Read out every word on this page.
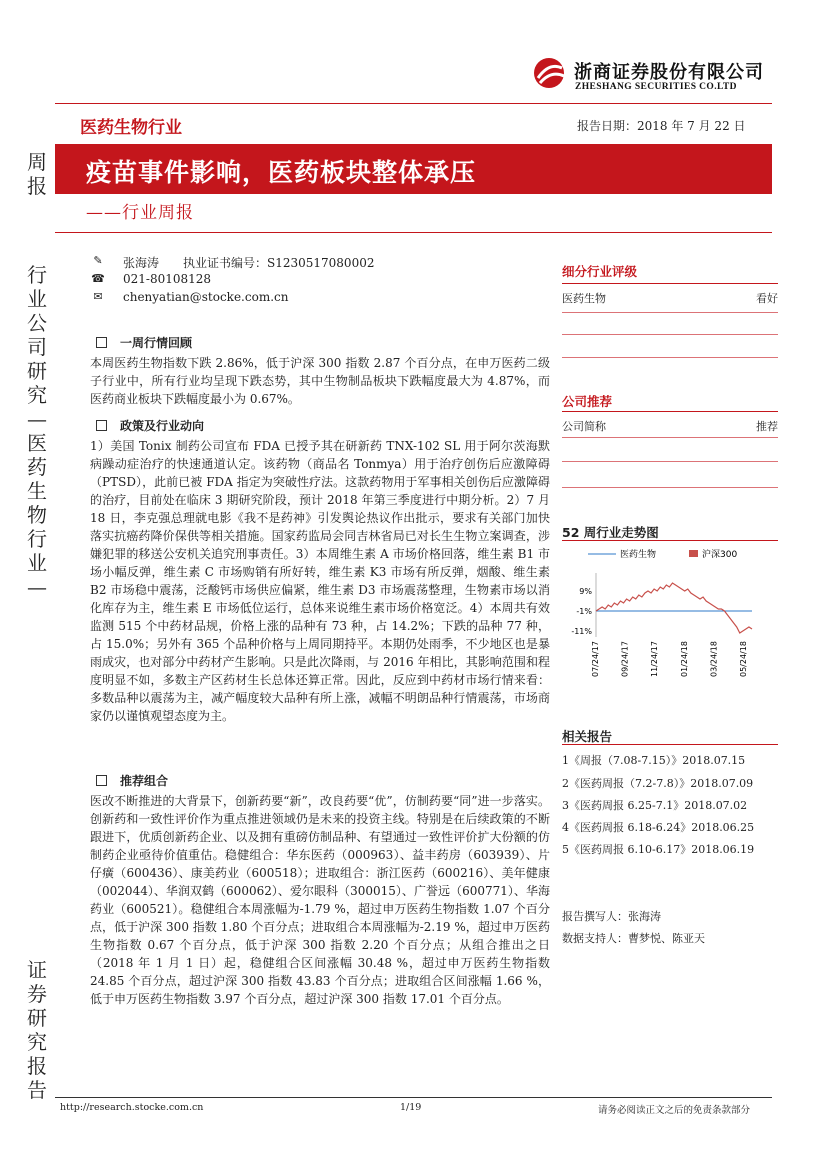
浙商证券股份有限公司
ZHESHANG SECURITIES CO.LTD
医药生物行业	报告日期：2018 年 7 月 22 日
疫苗事件影响，医药板块整体承压
——行业周报
周
报
行
业
公
司
研
究
—
医
药
生
物
行
业
—
证
券
研
究
报
告
✎ 张海涛　　执业证书编号：S1230517080002
☎ 021-80108128
✉ chenyatian@stocke.com.cn
一周行情回顾

本周医药生物指数下跌 2.86%，低于沪深 300 指数 2.87 个百分点，在申万医药二级子行业中，所有行业均呈现下跌态势，其中生物制品板块下跌幅度最大为 4.87%，而医药商业板块下跌幅度最小为 0.67%。

政策及行业动向

1）美国 Tonix 制药公司宣布 FDA 已授予其在研新药 TNX-102 SL 用于阿尔茨海默病躁动症治疗的快速通道认定。该药物（商品名 Tonmya）用于治疗创伤后应激障碍（PTSD），此前已被 FDA 指定为突破性疗法。这款药物用于军事相关创伤后应激障碍的治疗，目前处在临床 3 期研究阶段，预计 2018 年第三季度进行中期分析。2）7 月 18 日，李克强总理就电影《我不是药神》引发舆论热议作出批示，要求有关部门加快落实抗癌药降价保供等相关措施。国家药监局会同吉林省局已对长生生物立案调查，涉嫌犯罪的移送公安机关追究刑事责任。3）本周维生素 A 市场价格回落，维生素 B1 市场小幅反弹，维生素 C 市场购销有所好转，维生素 K3 市场有所反弹，烟酸、维生素 B2 市场稳中震荡，泛酸钙市场供应偏紧，维生素 D3 市场震荡整理，生物素市场以消化库存为主，维生素 E 市场低位运行，总体来说维生素市场价格宽泛。4）本周共有效监测 515 个中药材品规，价格上涨的品种有 73 种，占 14.2%；下跌的品种 77 种，占 15.0%；另外有 365 个品种价格与上周同期持平。本期仍处雨季，不少地区也是暴雨成灾，也对部分中药材产生影响。只是此次降雨，与 2016 年相比，其影响范围和程度明显不如，多数主产区药材生长总体还算正常。因此，反应到中药材市场行情来看：多数品种以震荡为主，减产幅度较大品种有所上涨，减幅不明朗品种行情震荡，市场商家仍以谨慎观望态度为主。

推荐组合

医改不断推进的大背景下，创新药要“新”，改良药要“优”，仿制药要“同”进一步落实。创新药和一致性评价作为重点推进领域仍是未来的投资主线。特别是在后续政策的不断跟进下，优质创新药企业、以及拥有重磅仿制品种、有望通过一致性评价扩大份额的仿制药企业亟待价值重估。稳健组合：华东医药（000963）、益丰药房（603939）、片仔癀（600436）、康美药业（600518）；进取组合：浙江医药（600216）、美年健康（002044）、华润双鹤（600062）、爱尔眼科（300015）、广誉远（600771）、华海药业（600521）。稳健组合本周涨幅为-1.79 %，超过申万医药生物指数 1.07 个百分点，低于沪深 300 指数 1.80 个百分点；进取组合本周涨幅为-2.19 %，超过申万医药生物指数 0.67 个百分点，低于沪深 300 指数 2.20 个百分点；从组合推出之日（2018 年 1 月 1 日）起，稳健组合区间涨幅 30.48 %，超过申万医药生物指数 24.85 个百分点，超过沪深 300 指数 43.83 个百分点；进取组合区间涨幅 1.66 %，低于申万医药生物指数 3.97 个百分点，超过沪深 300 指数 17.01 个百分点。

细分行业评级
医药生物	看好
公司推荐
公司简称	推荐
52 周行业走势图
医药生物	沪深300
9%
-1%
-11%
07/24/17	09/24/17	11/24/17	01/24/18	03/24/18	05/24/18
相关报告
1《周报（7.08-7.15）》2018.07.15
2《医药周报（7.2-7.8）》2018.07.09
3《医药周报 6.25-7.1》2018.07.02
4《医药周报 6.18-6.24》2018.06.25
5《医药周报 6.10-6.17》2018.06.19
报告撰写人：张海涛
数据支持人：曹梦悦、陈亚天
http://research.stocke.com.cn	1/19	请务必阅读正文之后的免责条款部分
